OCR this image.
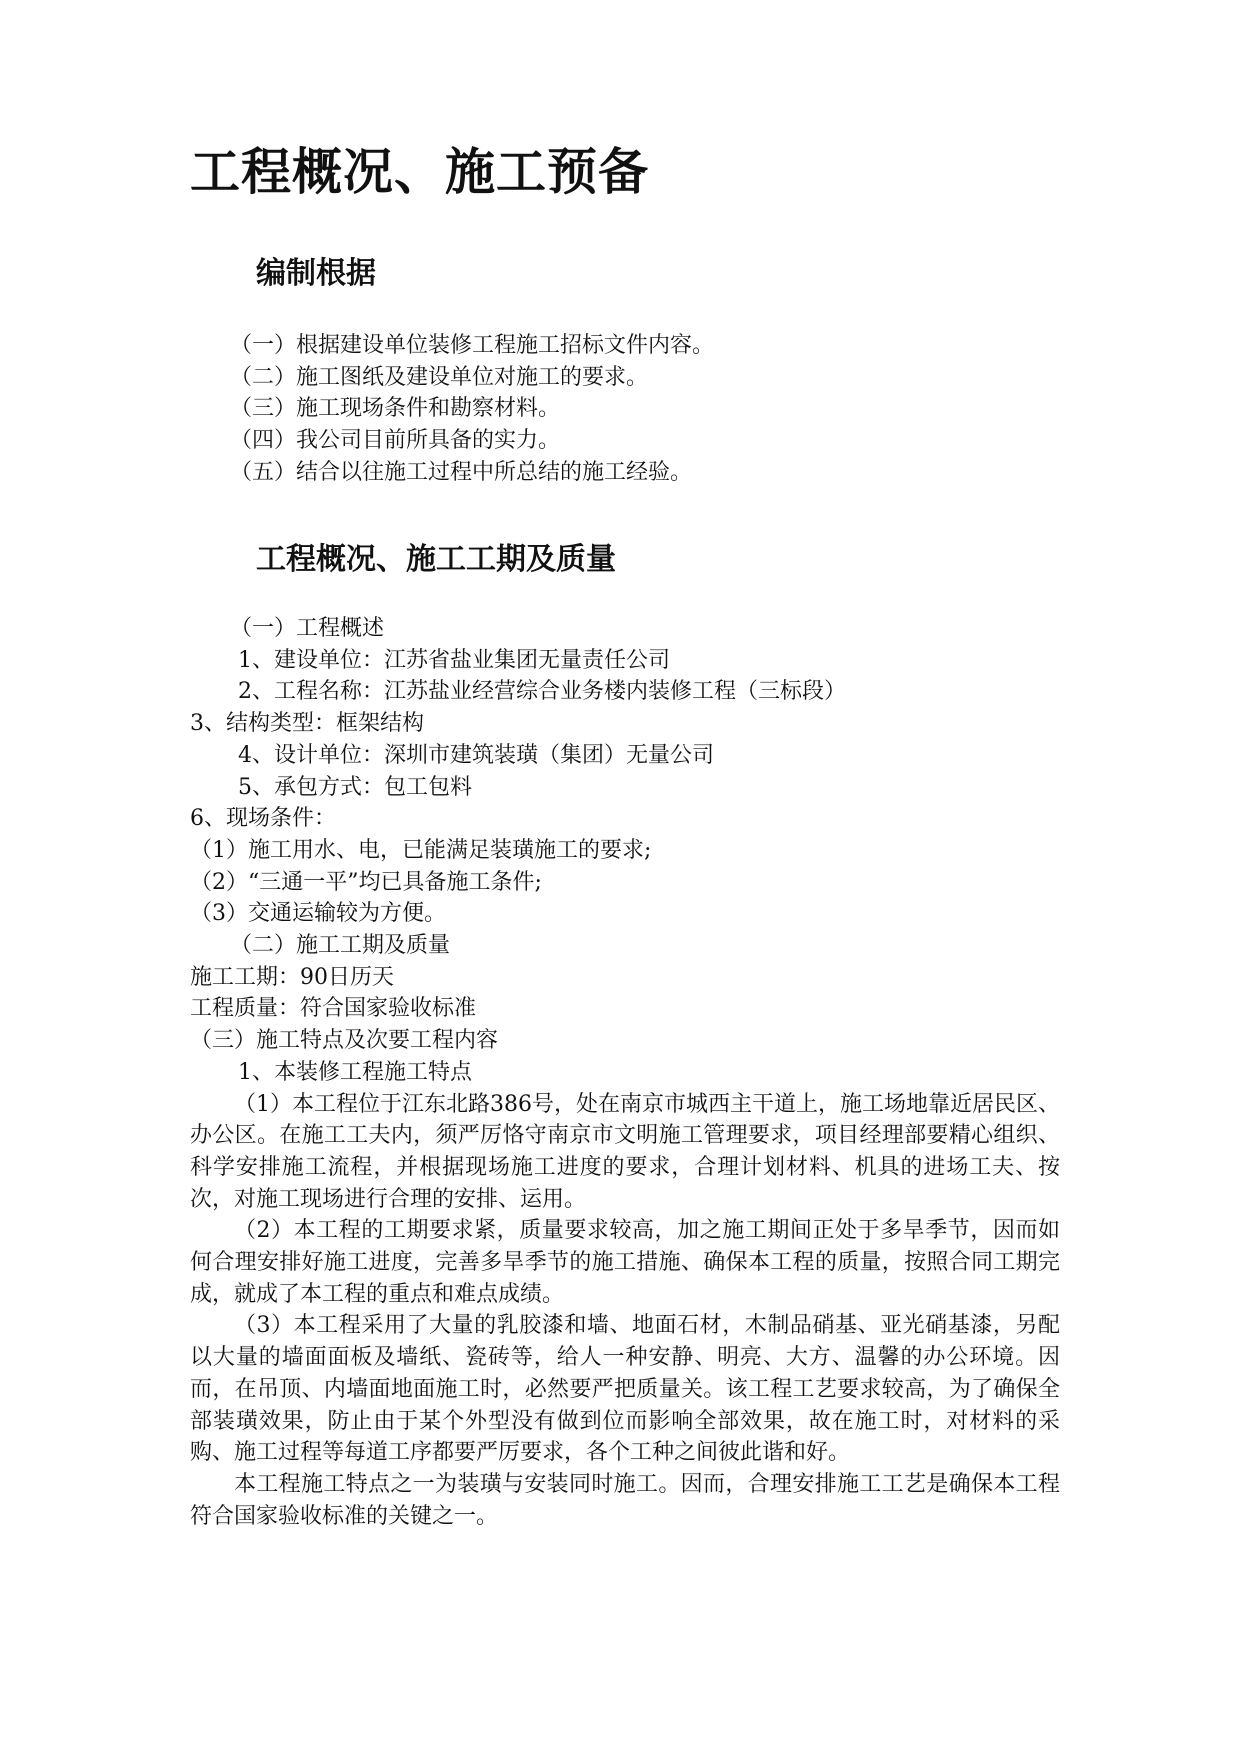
工程概况、施工预备
编制根据
（一）根据建设单位装修工程施工招标文件内容。
（二）施工图纸及建设单位对施工的要求。
（三）施工现场条件和勘察材料。
（四）我公司目前所具备的实力。
（五）结合以往施工过程中所总结的施工经验。
工程概况、施工工期及质量
（一）工程概述
1、建设单位：江苏省盐业集团无量责任公司
2、工程名称：江苏盐业经营综合业务楼内装修工程（三标段）
3、结构类型：框架结构
4、设计单位：深圳市建筑装璜（集团）无量公司
5、承包方式：包工包料
6、现场条件：
（1）施工用水、电，已能满足装璜施工的要求;
（2）“三通一平”均已具备施工条件;
（3）交通运输较为方便。
（二）施工工期及质量
施工工期：90日历天
工程质量：符合国家验收标准
（三）施工特点及次要工程内容
1、本装修工程施工特点
（1）本工程位于江东北路386号，处在南京市城西主干道上，施工场地靠近居民区、办公区。在施工工夫内，须严厉恪守南京市文明施工管理要求，项目经理部要精心组织、科学安排施工流程，并根据现场施工进度的要求，合理计划材料、机具的进场工夫、按次，对施工现场进行合理的安排、运用。
（2）本工程的工期要求紧，质量要求较高，加之施工期间正处于多旱季节，因而如何合理安排好施工进度，完善多旱季节的施工措施、确保本工程的质量，按照合同工期完成，就成了本工程的重点和难点成绩。
（3）本工程采用了大量的乳胶漆和墙、地面石材，木制品硝基、亚光硝基漆，另配以大量的墙面面板及墙纸、瓷砖等，给人一种安静、明亮、大方、温馨的办公环境。因而，在吊顶、内墙面地面施工时，必然要严把质量关。该工程工艺要求较高，为了确保全部装璜效果，防止由于某个外型没有做到位而影响全部效果，故在施工时，对材料的采购、施工过程等每道工序都要严厉要求，各个工种之间彼此谐和好。
本工程施工特点之一为装璜与安装同时施工。因而，合理安排施工工艺是确保本工程符合国家验收标准的关键之一。
